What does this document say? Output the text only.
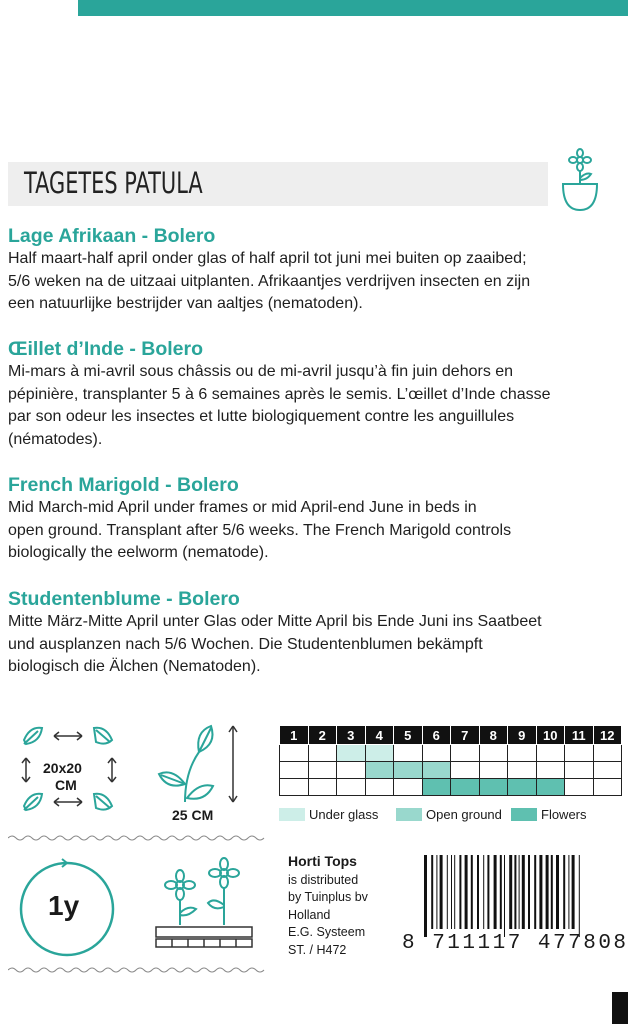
TAGETES PATULA
Lage Afrikaan - Bolero

Half maart-half april onder glas of half april tot juni mei buiten op zaaibed;
5/6 weken na de uitzaai uitplanten. Afrikaantjes verdrijven insecten en zijn
een natuurlijke bestrijder van aaltjes (nematoden).

Œillet d’Inde - Bolero

Mi-mars à mi-avril sous châssis ou de mi-avril jusqu’à fin juin dehors en
pépinière, transplanter 5 à 6 semaines après le semis. L’œillet d’Inde chasse
par son odeur les insectes et lutte biologiquement contre les anguillules
(nématodes).

French Marigold - Bolero

Mid March-mid April under frames or mid April-end June in beds in
open ground. Transplant after 5/6 weeks. The French Marigold controls
biologically the eelworm (nematode).

Studentenblume - Bolero

Mitte März-Mitte April unter Glas oder Mitte April bis Ende Juni ins Saatbeet
und ausplanzen nach 5/6 Wochen. Die Studentenblumen bekämpft
biologisch die Älchen (Nematoden).

20x20
CM
25 CM
1y
1	2	3	4	5	6	7	8	9	10	11	12

Under glass	Open ground	Flowers
Horti Tops
is distributed
by Tuinplus bv
Holland
E.G. Systeem
ST. / H472	8 711117 477808
